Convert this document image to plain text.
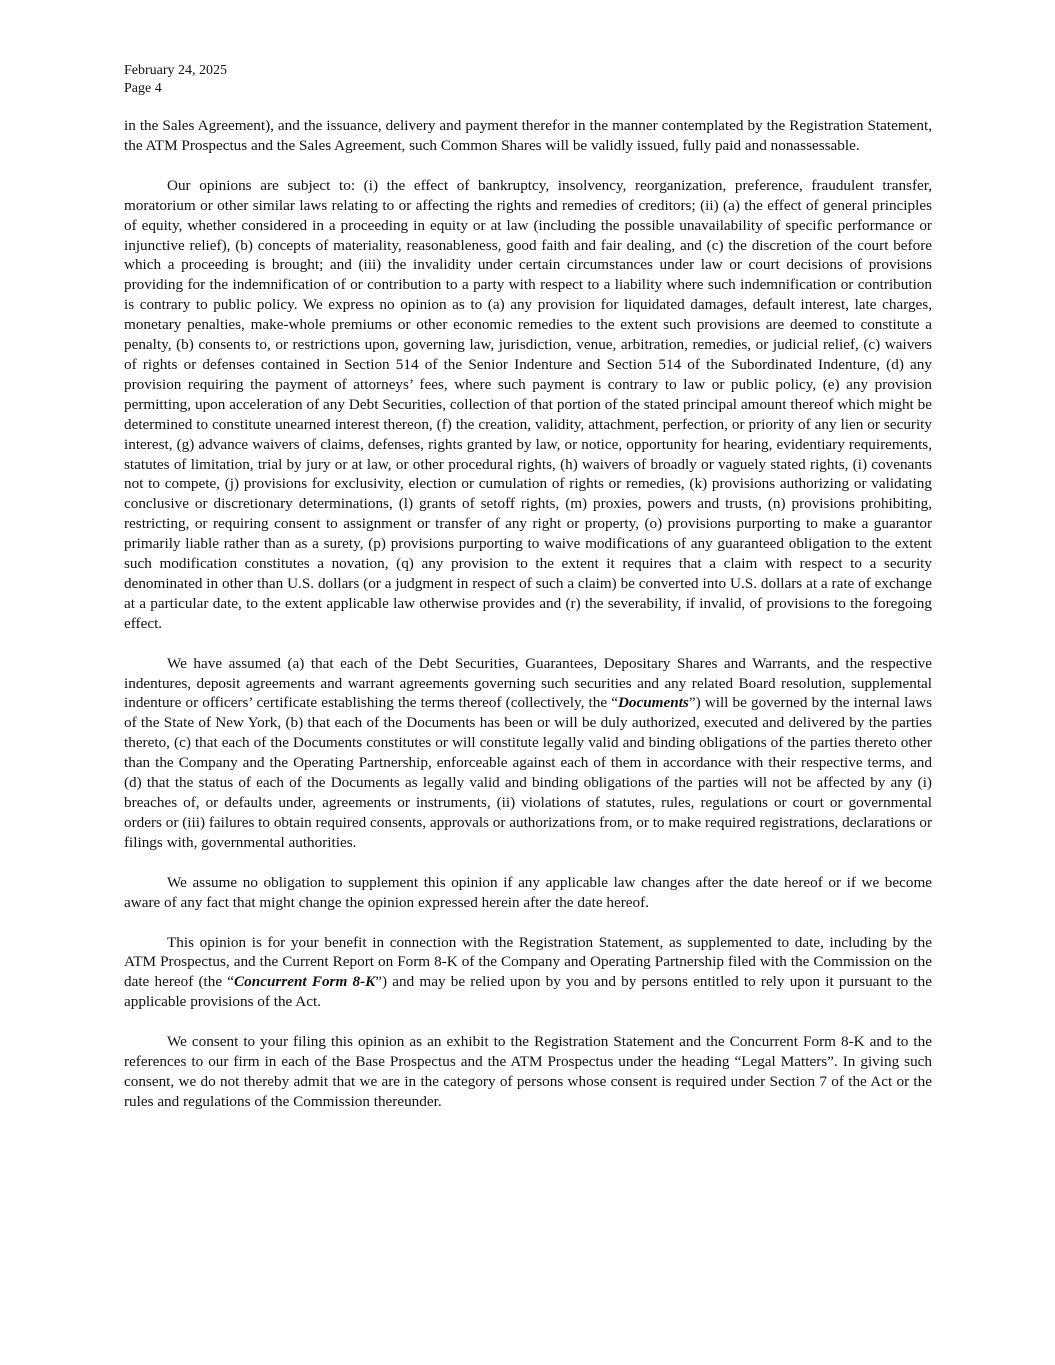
February 24, 2025
Page 4

in the Sales Agreement), and the issuance, delivery and payment therefor in the manner contemplated by the Registration Statement, the ATM Prospectus and the Sales Agreement, such Common Shares will be validly issued, fully paid and nonassessable.

Our opinions are subject to: (i) the effect of bankruptcy, insolvency, reorganization, preference, fraudulent transfer, moratorium or other similar laws relating to or affecting the rights and remedies of creditors; (ii) (a) the effect of general principles of equity, whether considered in a proceeding in equity or at law (including the possible unavailability of specific performance or injunctive relief), (b) concepts of materiality, reasonableness, good faith and fair dealing, and (c) the discretion of the court before which a proceeding is brought; and (iii) the invalidity under certain circumstances under law or court decisions of provisions providing for the indemnification of or contribution to a party with respect to a liability where such indemnification or contribution is contrary to public policy. We express no opinion as to (a) any provision for liquidated damages, default interest, late charges, monetary penalties, make-whole premiums or other economic remedies to the extent such provisions are deemed to constitute a penalty, (b) consents to, or restrictions upon, governing law, jurisdiction, venue, arbitration, remedies, or judicial relief, (c) waivers of rights or defenses contained in Section 514 of the Senior Indenture and Section 514 of the Subordinated Indenture, (d) any provision requiring the payment of attorneys’ fees, where such payment is contrary to law or public policy, (e) any provision permitting, upon acceleration of any Debt Securities, collection of that portion of the stated principal amount thereof which might be determined to constitute unearned interest thereon, (f) the creation, validity, attachment, perfection, or priority of any lien or security interest, (g) advance waivers of claims, defenses, rights granted by law, or notice, opportunity for hearing, evidentiary requirements, statutes of limitation, trial by jury or at law, or other procedural rights, (h) waivers of broadly or vaguely stated rights, (i) covenants not to compete, (j) provisions for exclusivity, election or cumulation of rights or remedies, (k) provisions authorizing or validating conclusive or discretionary determinations, (l) grants of setoff rights, (m) proxies, powers and trusts, (n) provisions prohibiting, restricting, or requiring consent to assignment or transfer of any right or property, (o) provisions purporting to make a guarantor primarily liable rather than as a surety, (p) provisions purporting to waive modifications of any guaranteed obligation to the extent such modification constitutes a novation, (q) any provision to the extent it requires that a claim with respect to a security denominated in other than U.S. dollars (or a judgment in respect of such a claim) be converted into U.S. dollars at a rate of exchange at a particular date, to the extent applicable law otherwise provides and (r) the severability, if invalid, of provisions to the foregoing effect.

We have assumed (a) that each of the Debt Securities, Guarantees, Depositary Shares and Warrants, and the respective indentures, deposit agreements and warrant agreements governing such securities and any related Board resolution, supplemental indenture or officers’ certificate establishing the terms thereof (collectively, the “Documents”) will be governed by the internal laws of the State of New York, (b) that each of the Documents has been or will be duly authorized, executed and delivered by the parties thereto, (c) that each of the Documents constitutes or will constitute legally valid and binding obligations of the parties thereto other than the Company and the Operating Partnership, enforceable against each of them in accordance with their respective terms, and (d) that the status of each of the Documents as legally valid and binding obligations of the parties will not be affected by any (i) breaches of, or defaults under, agreements or instruments, (ii) violations of statutes, rules, regulations or court or governmental orders or (iii) failures to obtain required consents, approvals or authorizations from, or to make required registrations, declarations or filings with, governmental authorities.

We assume no obligation to supplement this opinion if any applicable law changes after the date hereof or if we become aware of any fact that might change the opinion expressed herein after the date hereof.

This opinion is for your benefit in connection with the Registration Statement, as supplemented to date, including by the ATM Prospectus, and the Current Report on Form 8-K of the Company and Operating Partnership filed with the Commission on the date hereof (the “Concurrent Form 8-K”) and may be relied upon by you and by persons entitled to rely upon it pursuant to the applicable provisions of the Act.

We consent to your filing this opinion as an exhibit to the Registration Statement and the Concurrent Form 8-K and to the references to our firm in each of the Base Prospectus and the ATM Prospectus under the heading “Legal Matters”. In giving such consent, we do not thereby admit that we are in the category of persons whose consent is required under Section 7 of the Act or the rules and regulations of the Commission thereunder.
